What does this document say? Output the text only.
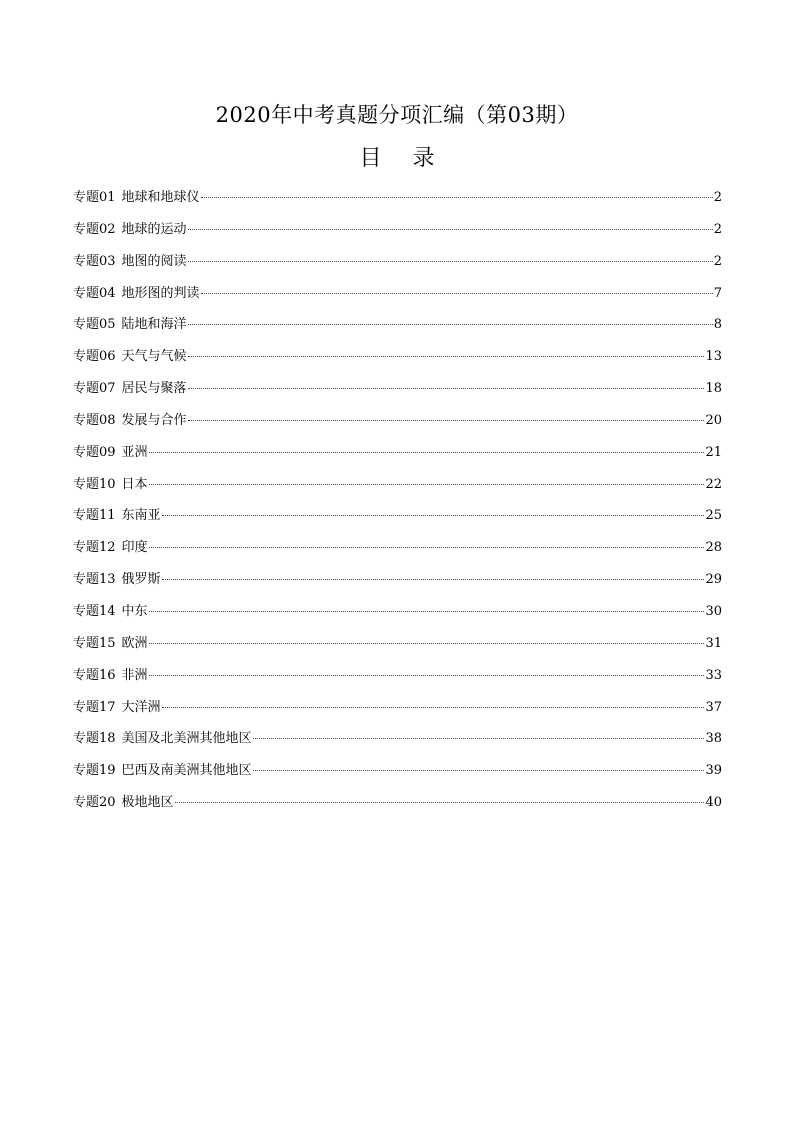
2020年中考真题分项汇编（第03期）
目 录
专题01 地球和地球仪	2
专题02 地球的运动	2
专题03 地图的阅读	2
专题04 地形图的判读	7
专题05 陆地和海洋	8
专题06 天气与气候	13
专题07 居民与聚落	18
专题08 发展与合作	20
专题09 亚洲	21
专题10 日本	22
专题11 东南亚	25
专题12 印度	28
专题13 俄罗斯	29
专题14 中东	30
专题15 欧洲	31
专题16 非洲	33
专题17 大洋洲	37
专题18 美国及北美洲其他地区	38
专题19 巴西及南美洲其他地区	39
专题20 极地地区	40
